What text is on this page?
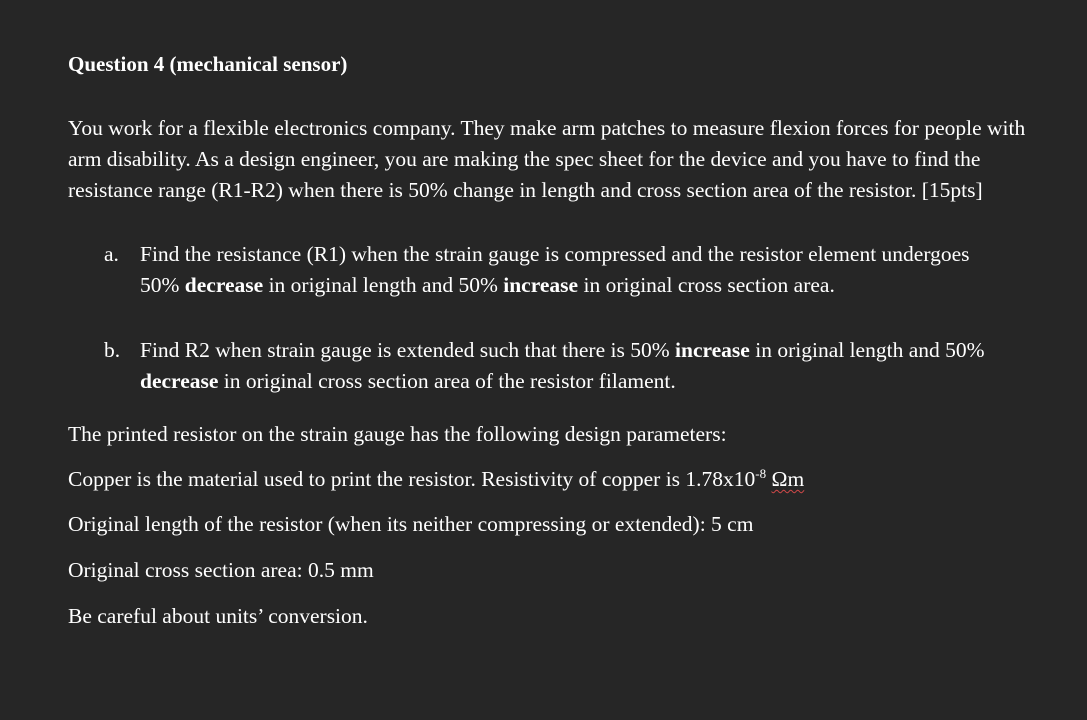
Question 4 (mechanical sensor)
You work for a flexible electronics company. They make arm patches to measure flexion forces for people with arm disability. As a design engineer, you are making the spec sheet for the device and you have to find the resistance range (R1-R2) when there is 50% change in length and cross section area of the resistor. [15pts]
a. Find the resistance (R1) when the strain gauge is compressed and the resistor element undergoes 50% decrease in original length and 50% increase in original cross section area.
b. Find R2 when strain gauge is extended such that there is 50% increase in original length and 50% decrease in original cross section area of the resistor filament.
The printed resistor on the strain gauge has the following design parameters:
Copper is the material used to print the resistor. Resistivity of copper is $1.78x10^{-8}$ Ωm
Original length of the resistor (when its neither compressing or extended): 5 cm
Original cross section area: 0.5 mm
Be careful about units’ conversion.
